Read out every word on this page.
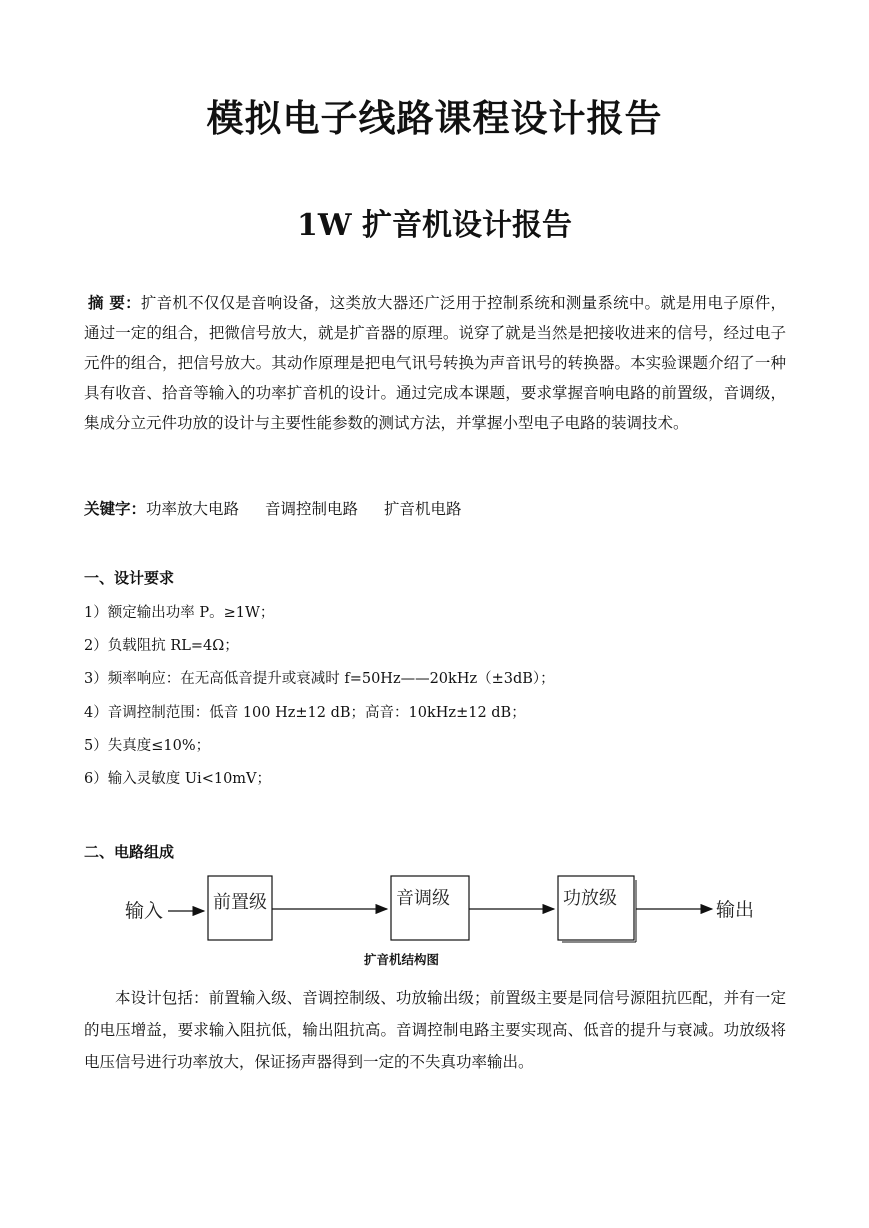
模拟电子线路课程设计报告
1W 扩音机设计报告
摘 要：扩音机不仅仅是音响设备，这类放大器还广泛用于控制系统和测量系统中。就是用电子原件，通过一定的组合，把微信号放大，就是扩音器的原理。说穿了就是当然是把接收进来的信号，经过电子元件的组合，把信号放大。其动作原理是把电气讯号转换为声音讯号的转换器。本实验课题介绍了一种具有收音、拾音等输入的功率扩音机的设计。通过完成本课题，要求掌握音响电路的前置级，音调级，集成分立元件功放的设计与主要性能参数的测试方法，并掌握小型电子电路的装调技术。
关键字：功率放大电路 音调控制电路 扩音机电路
一、设计要求
1）额定输出功率 P。≥1W；
2）负载阻抗 RL=4Ω；
3）频率响应：在无高低音提升或衰减时 f=50Hz——20kHz（±3dB）；
4）音调控制范围：低音 100 Hz±12 dB；高音：10kHz±12 dB；
5）失真度≤10%；
6）输入灵敏度 Ui<10mV；
二、电路组成
输入	前置级	音调级	功放级
输出
扩音机结构图
本设计包括：前置输入级、音调控制级、功放输出级；前置级主要是同信号源阻抗匹配，并有一定的电压增益，要求输入阻抗低，输出阻抗高。音调控制电路主要实现高、低音的提升与衰减。功放级将电压信号进行功率放大，保证扬声器得到一定的不失真功率输出。
